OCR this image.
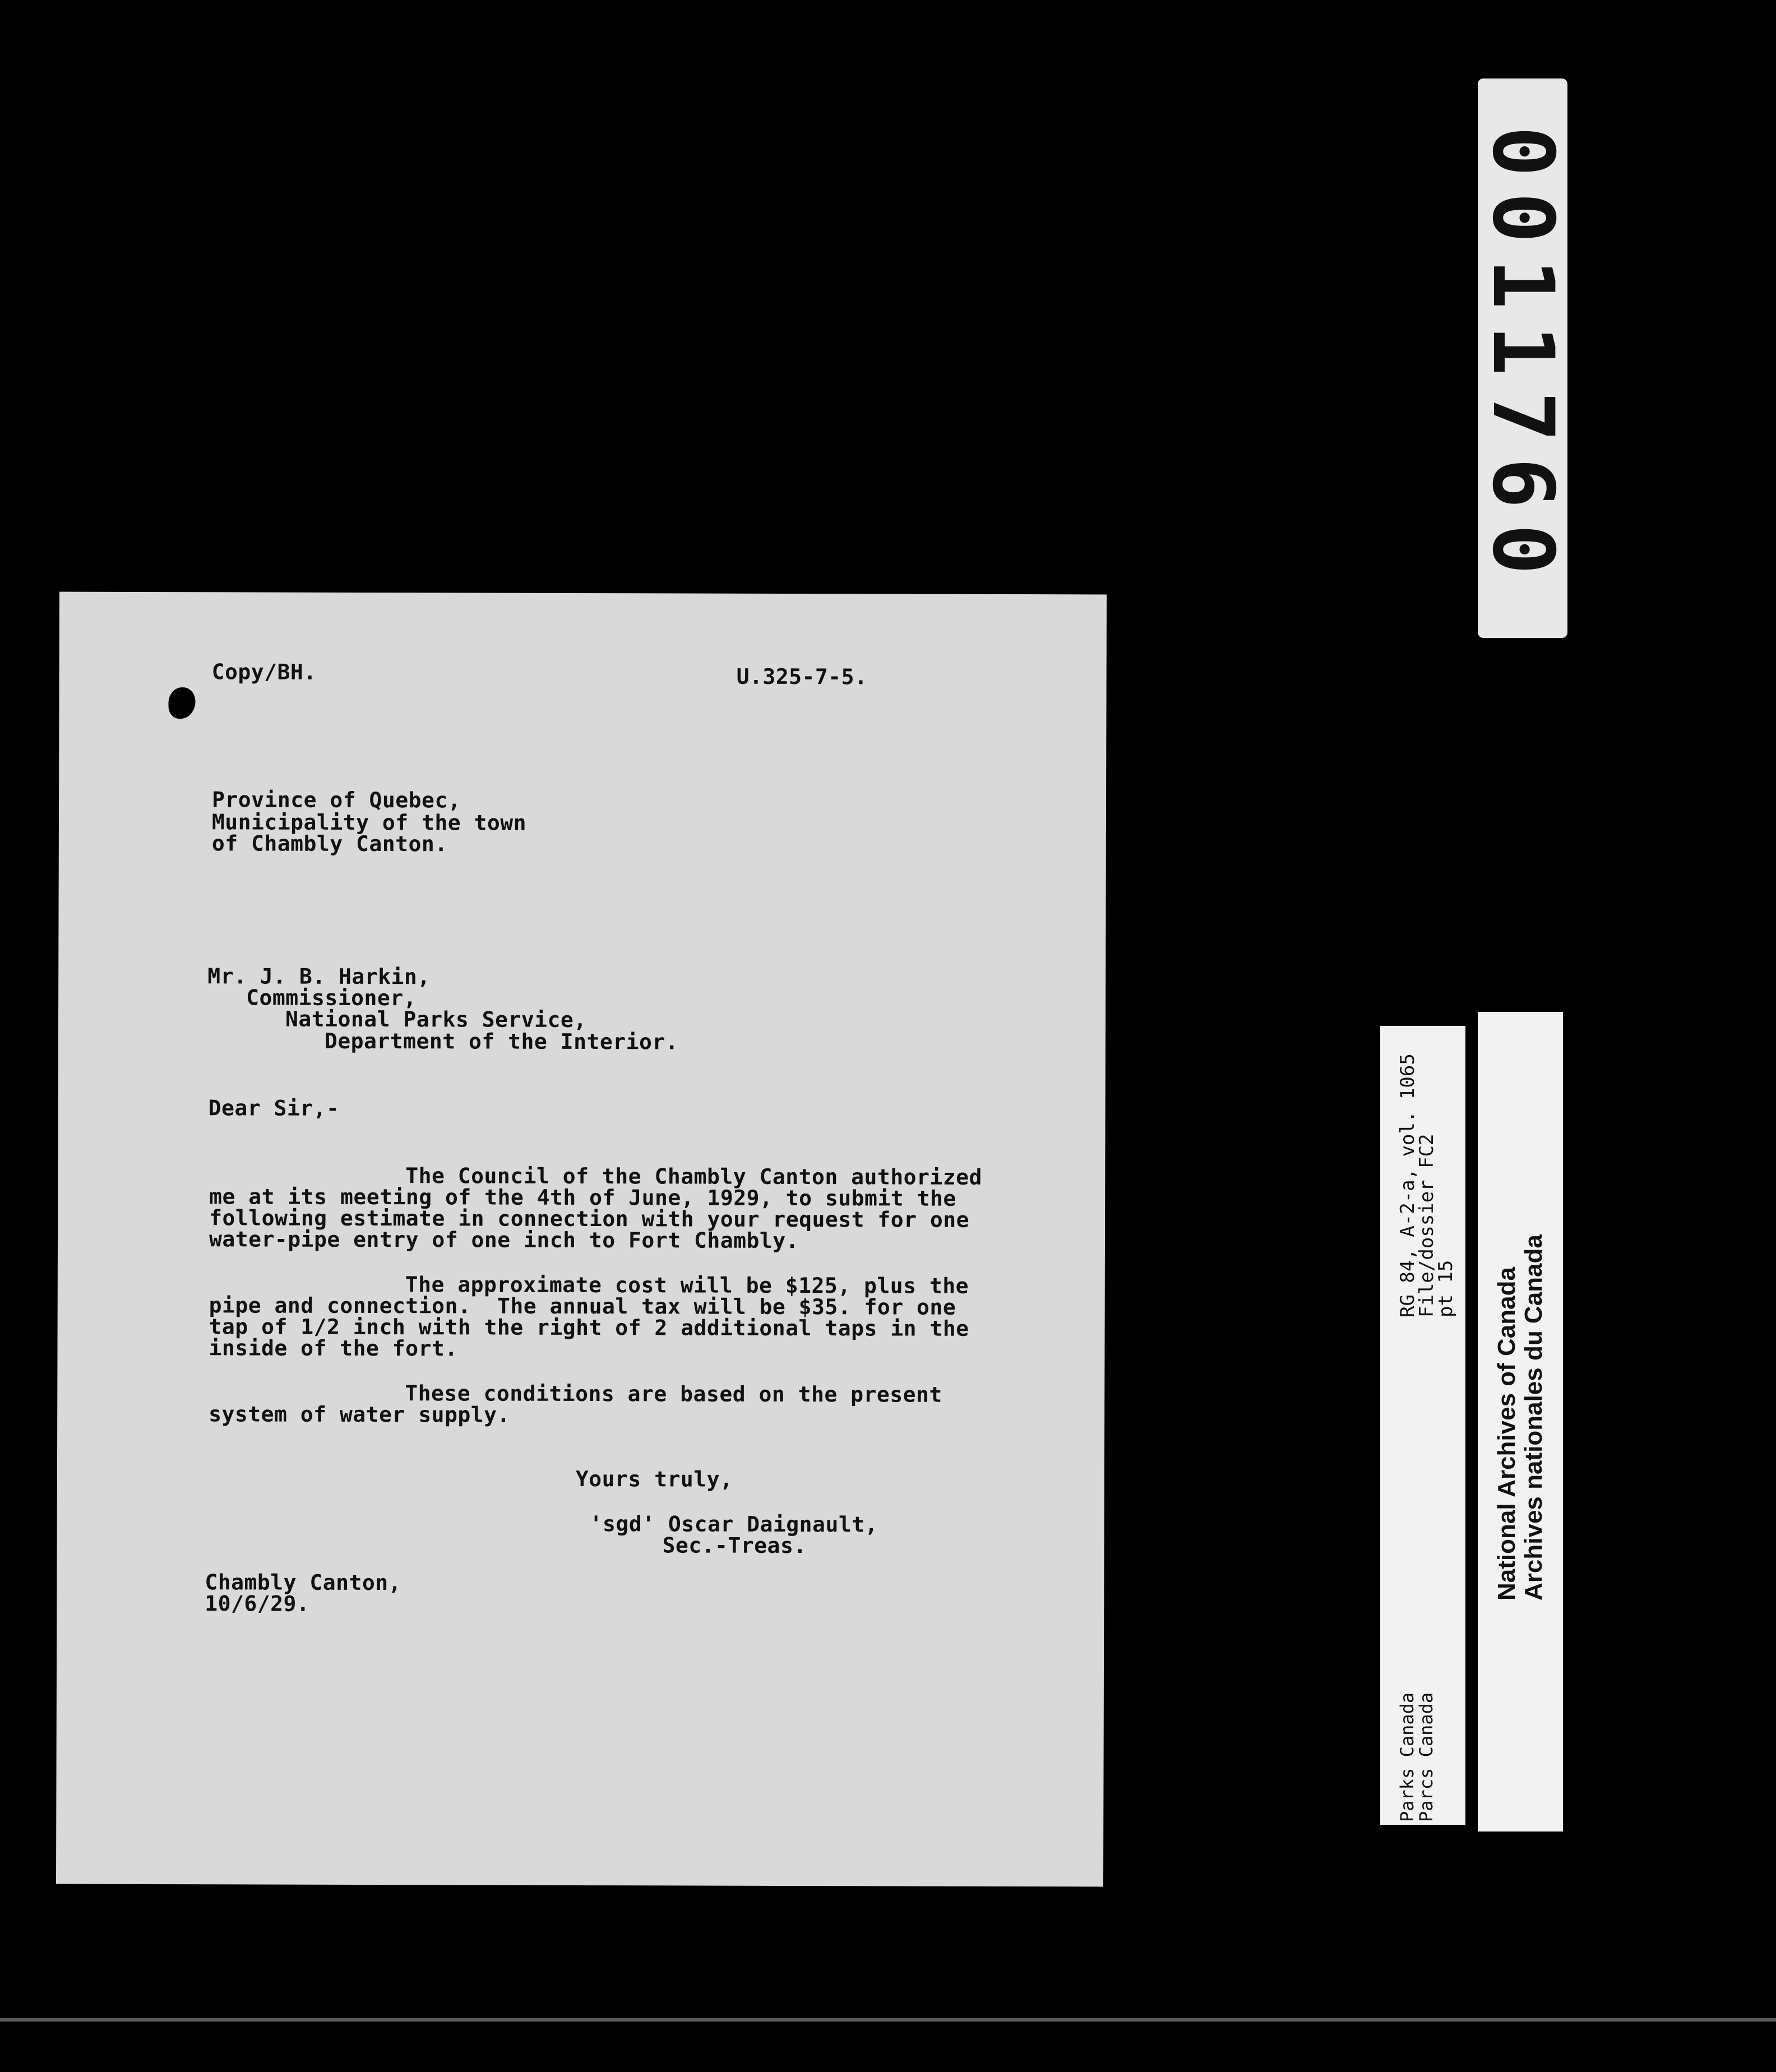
Copy/BH.	U.325-7-5.
Province of Quebec,
Municipality of the town
of Chambly Canton.
Mr. J. B. Harkin,
Commissioner,
National Parks Service,
Department of the Interior.
Dear Sir,-
The Council of the Chambly Canton authorized
me at its meeting of the 4th of June, 1929, to submit the
following estimate in connection with your request for one
water-pipe entry of one inch to Fort Chambly.
The approximate cost will be $125, plus the
pipe and connection.  The annual tax will be $35. for one
tap of 1/2 inch with the right of 2 additional taps in the
inside of the fort.
These conditions are based on the present
system of water supply.
Yours truly,
'sgd' Oscar Daignault,
Sec.-Treas.
Chambly Canton,
10/6/29.
0011760
RG 84, A-2-a, vol. 1065
File/dossier FC2
pt 15
Parks Canada
Parcs Canada
National Archives of Canada Archives nationales du Canada
